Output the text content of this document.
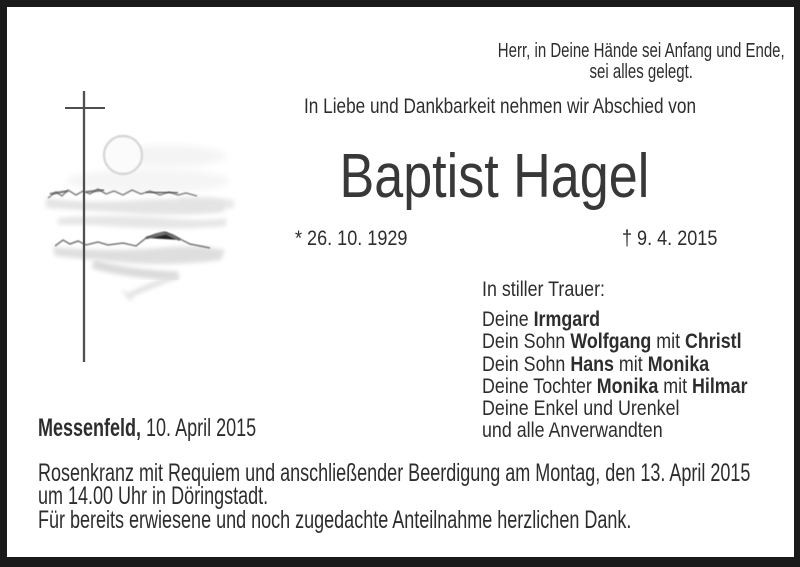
Herr, in Deine Hände sei Anfang und Ende,
sei alles gelegt.
In Liebe und Dankbarkeit nehmen wir Abschied von
Baptist Hagel
* 26. 10. 1929	† 9. 4. 2015
In stiller Trauer:
Deine Irmgard
Dein Sohn Wolfgang mit Christl
Dein Sohn Hans mit Monika
Deine Tochter Monika mit Hilmar
Deine Enkel und Urenkel
und alle Anverwandten
Messenfeld, 10. April 2015
Rosenkranz mit Requiem und anschließender Beerdigung am Montag, den 13. April 2015
um 14.00 Uhr in Döringstadt.
Für bereits erwiesene und noch zugedachte Anteilnahme herzlichen Dank.
